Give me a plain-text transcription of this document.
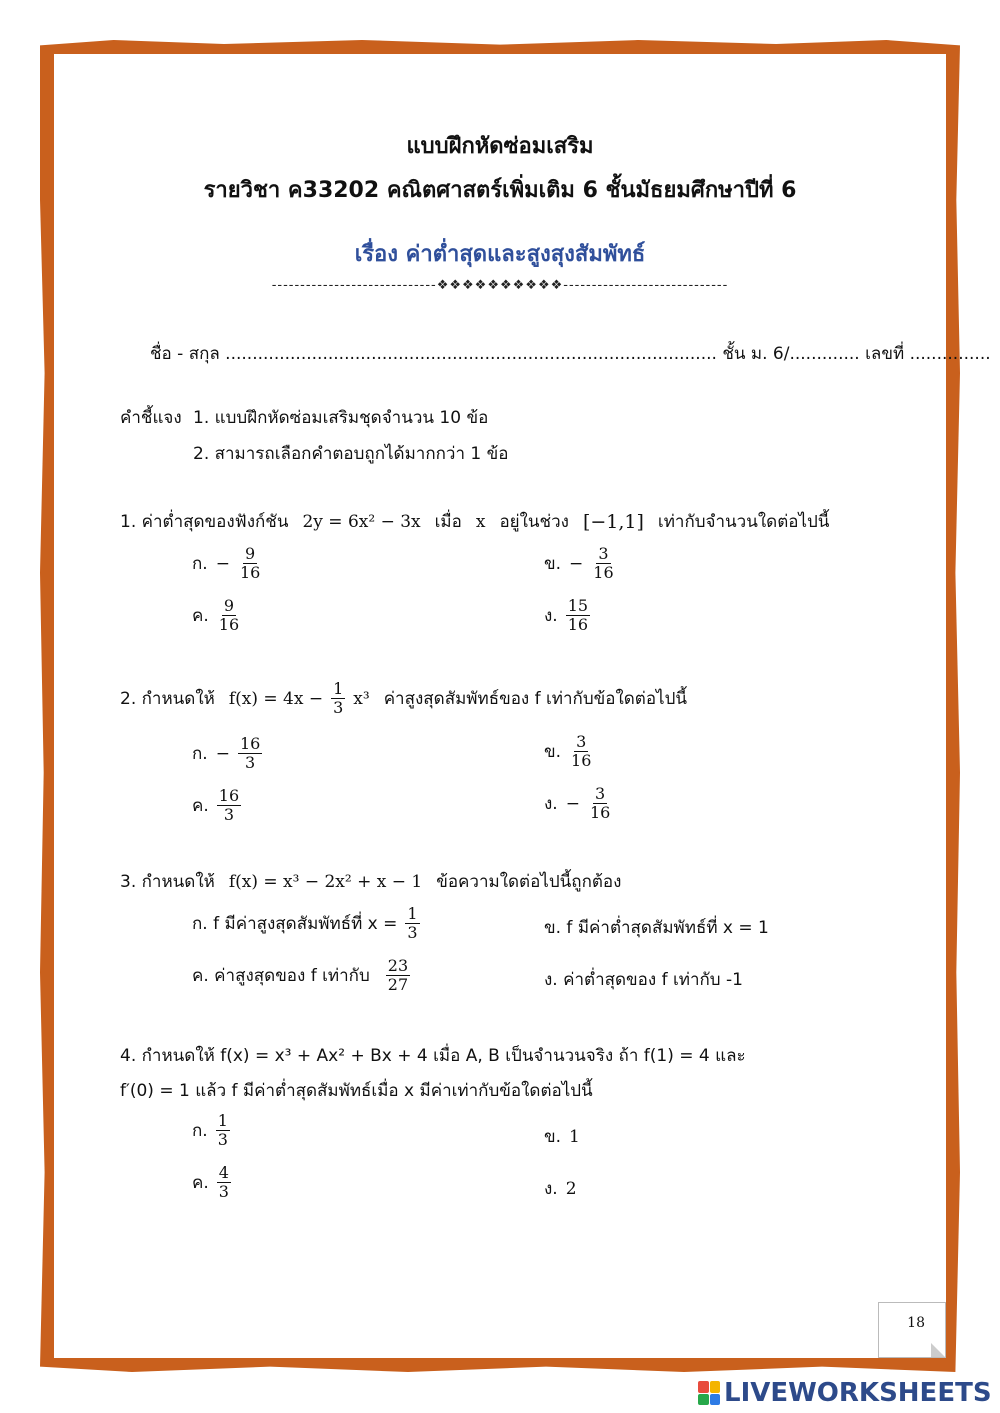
แบบฝึกหัดซ่อมเสริม
รายวิชา ค33202 คณิตศาสตร์เพิ่มเติม 6 ชั้นมัธยมศึกษาปีที่ 6
เรื่อง ค่าต่ำสุดและสูงสุงสัมพัทธ์
-----------------------------❖❖❖❖❖❖❖❖❖❖-----------------------------
ชื่อ - สกุล ........................................................................................... ชั้น ม. 6/............. เลขที่ ...............
คำชี้แจง 1. แบบฝึกหัดซ่อมเสริมชุดจำนวน 10 ข้อ
2. สามารถเลือกคำตอบถูกได้มากกว่า 1 ข้อ
1. ค่าต่ำสุดของฟังก์ชัน 2y = 6x² − 3x เมื่อ x อยู่ในช่วง [−1,1] เท่ากับจำนวนใดต่อไปนี้
ก. − $\frac{9}{16}$	ข. − $\frac{3}{16}$
ค. $\frac{9}{16}$	ง. $\frac{15}{16}$
2. กำหนดให้ $f(x) = 4x - \frac{1}{3} x^3$ ค่าสูงสุดสัมพัทธ์ของ f เท่ากับข้อใดต่อไปนี้
ก. − $\frac{16}{3}$	ข. $\frac{3}{16}$
ค. $\frac{16}{3}$	ง. − $\frac{3}{16}$
3. กำหนดให้ f(x) = x³ − 2x² + x − 1 ข้อความใดต่อไปนี้ถูกต้อง
ก. f มีค่าสูงสุดสัมพัทธ์ที่ $x = \frac{1}{3}$	ข. f มีค่าต่ำสุดสัมพัทธ์ที่ x = 1
ค. ค่าสูงสุดของ f เท่ากับ $\frac{23}{27}$	ง. ค่าต่ำสุดของ f เท่ากับ -1
4. กำหนดให้ f(x) = x³ + Ax² + Bx + 4 เมื่อ A, B เป็นจำนวนจริง ถ้า f(1) = 4 และ
f′(0) = 1 แล้ว f มีค่าต่ำสุดสัมพัทธ์เมื่อ x มีค่าเท่ากับข้อใดต่อไปนี้
ก. $\frac{1}{3}$	ข. 1
ค. $\frac{4}{3}$	ง. 2
18
LIVEWORKSHEETS
